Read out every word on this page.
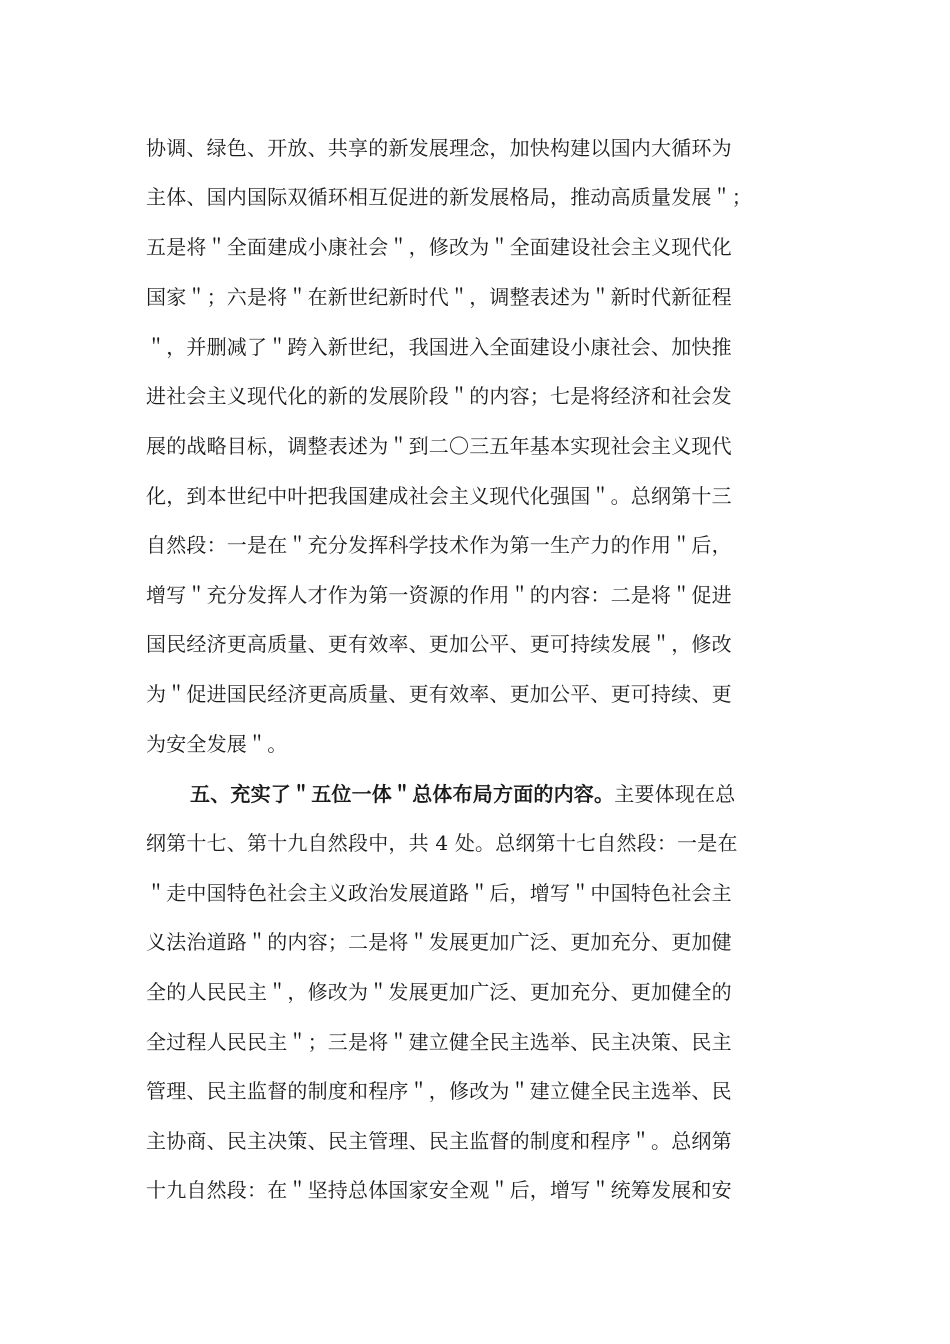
协调、绿色、开放、共享的新发展理念，加快构建以国内大循环为
主体、国内国际双循环相互促进的新发展格局，推动高质量发展＂；
五是将＂全面建成小康社会＂，修改为＂全面建设社会主义现代化
国家＂；六是将＂在新世纪新时代＂，调整表述为＂新时代新征程
＂，并删减了＂跨入新世纪，我国进入全面建设小康社会、加快推
进社会主义现代化的新的发展阶段＂的内容；七是将经济和社会发
展的战略目标，调整表述为＂到二〇三五年基本实现社会主义现代
化，到本世纪中叶把我国建成社会主义现代化强国＂。总纲第十三
自然段：一是在＂充分发挥科学技术作为第一生产力的作用＂后，
增写＂充分发挥人才作为第一资源的作用＂的内容：二是将＂促进
国民经济更高质量、更有效率、更加公平、更可持续发展＂，修改
为＂促进国民经济更高质量、更有效率、更加公平、更可持续、更
为安全发展＂。
五、充实了＂五位一体＂总体布局方面的内容。主要体现在总
纲第十七、第十九自然段中，共 4 处。总纲第十七自然段：一是在
＂走中国特色社会主义政治发展道路＂后，增写＂中国特色社会主
义法治道路＂的内容；二是将＂发展更加广泛、更加充分、更加健
全的人民民主＂，修改为＂发展更加广泛、更加充分、更加健全的
全过程人民民主＂；三是将＂建立健全民主选举、民主决策、民主
管理、民主监督的制度和程序＂，修改为＂建立健全民主选举、民
主协商、民主决策、民主管理、民主监督的制度和程序＂。总纲第
十九自然段：在＂坚持总体国家安全观＂后，增写＂统筹发展和安
